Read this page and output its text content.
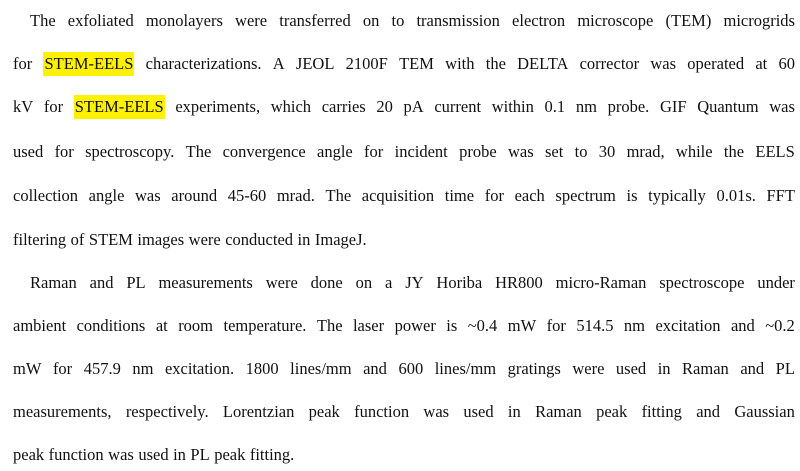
The exfoliated monolayers were transferred on to transmission electron microscope (TEM) microgrids
for STEM-EELS characterizations. A JEOL 2100F TEM with the DELTA corrector was operated at 60
kV for STEM-EELS experiments, which carries 20 pA current within 0.1 nm probe. GIF Quantum was
used for spectroscopy. The convergence angle for incident probe was set to 30 mrad, while the EELS
collection angle was around 45-60 mrad. The acquisition time for each spectrum is typically 0.01s. FFT
filtering of STEM images were conducted in ImageJ.
Raman and PL measurements were done on a JY Horiba HR800 micro-Raman spectroscope under
ambient conditions at room temperature. The laser power is ~0.4 mW for 514.5 nm excitation and ~0.2
mW for 457.9 nm excitation. 1800 lines/mm and 600 lines/mm gratings were used in Raman and PL
measurements, respectively. Lorentzian peak function was used in Raman peak fitting and Gaussian
peak function was used in PL peak fitting.
